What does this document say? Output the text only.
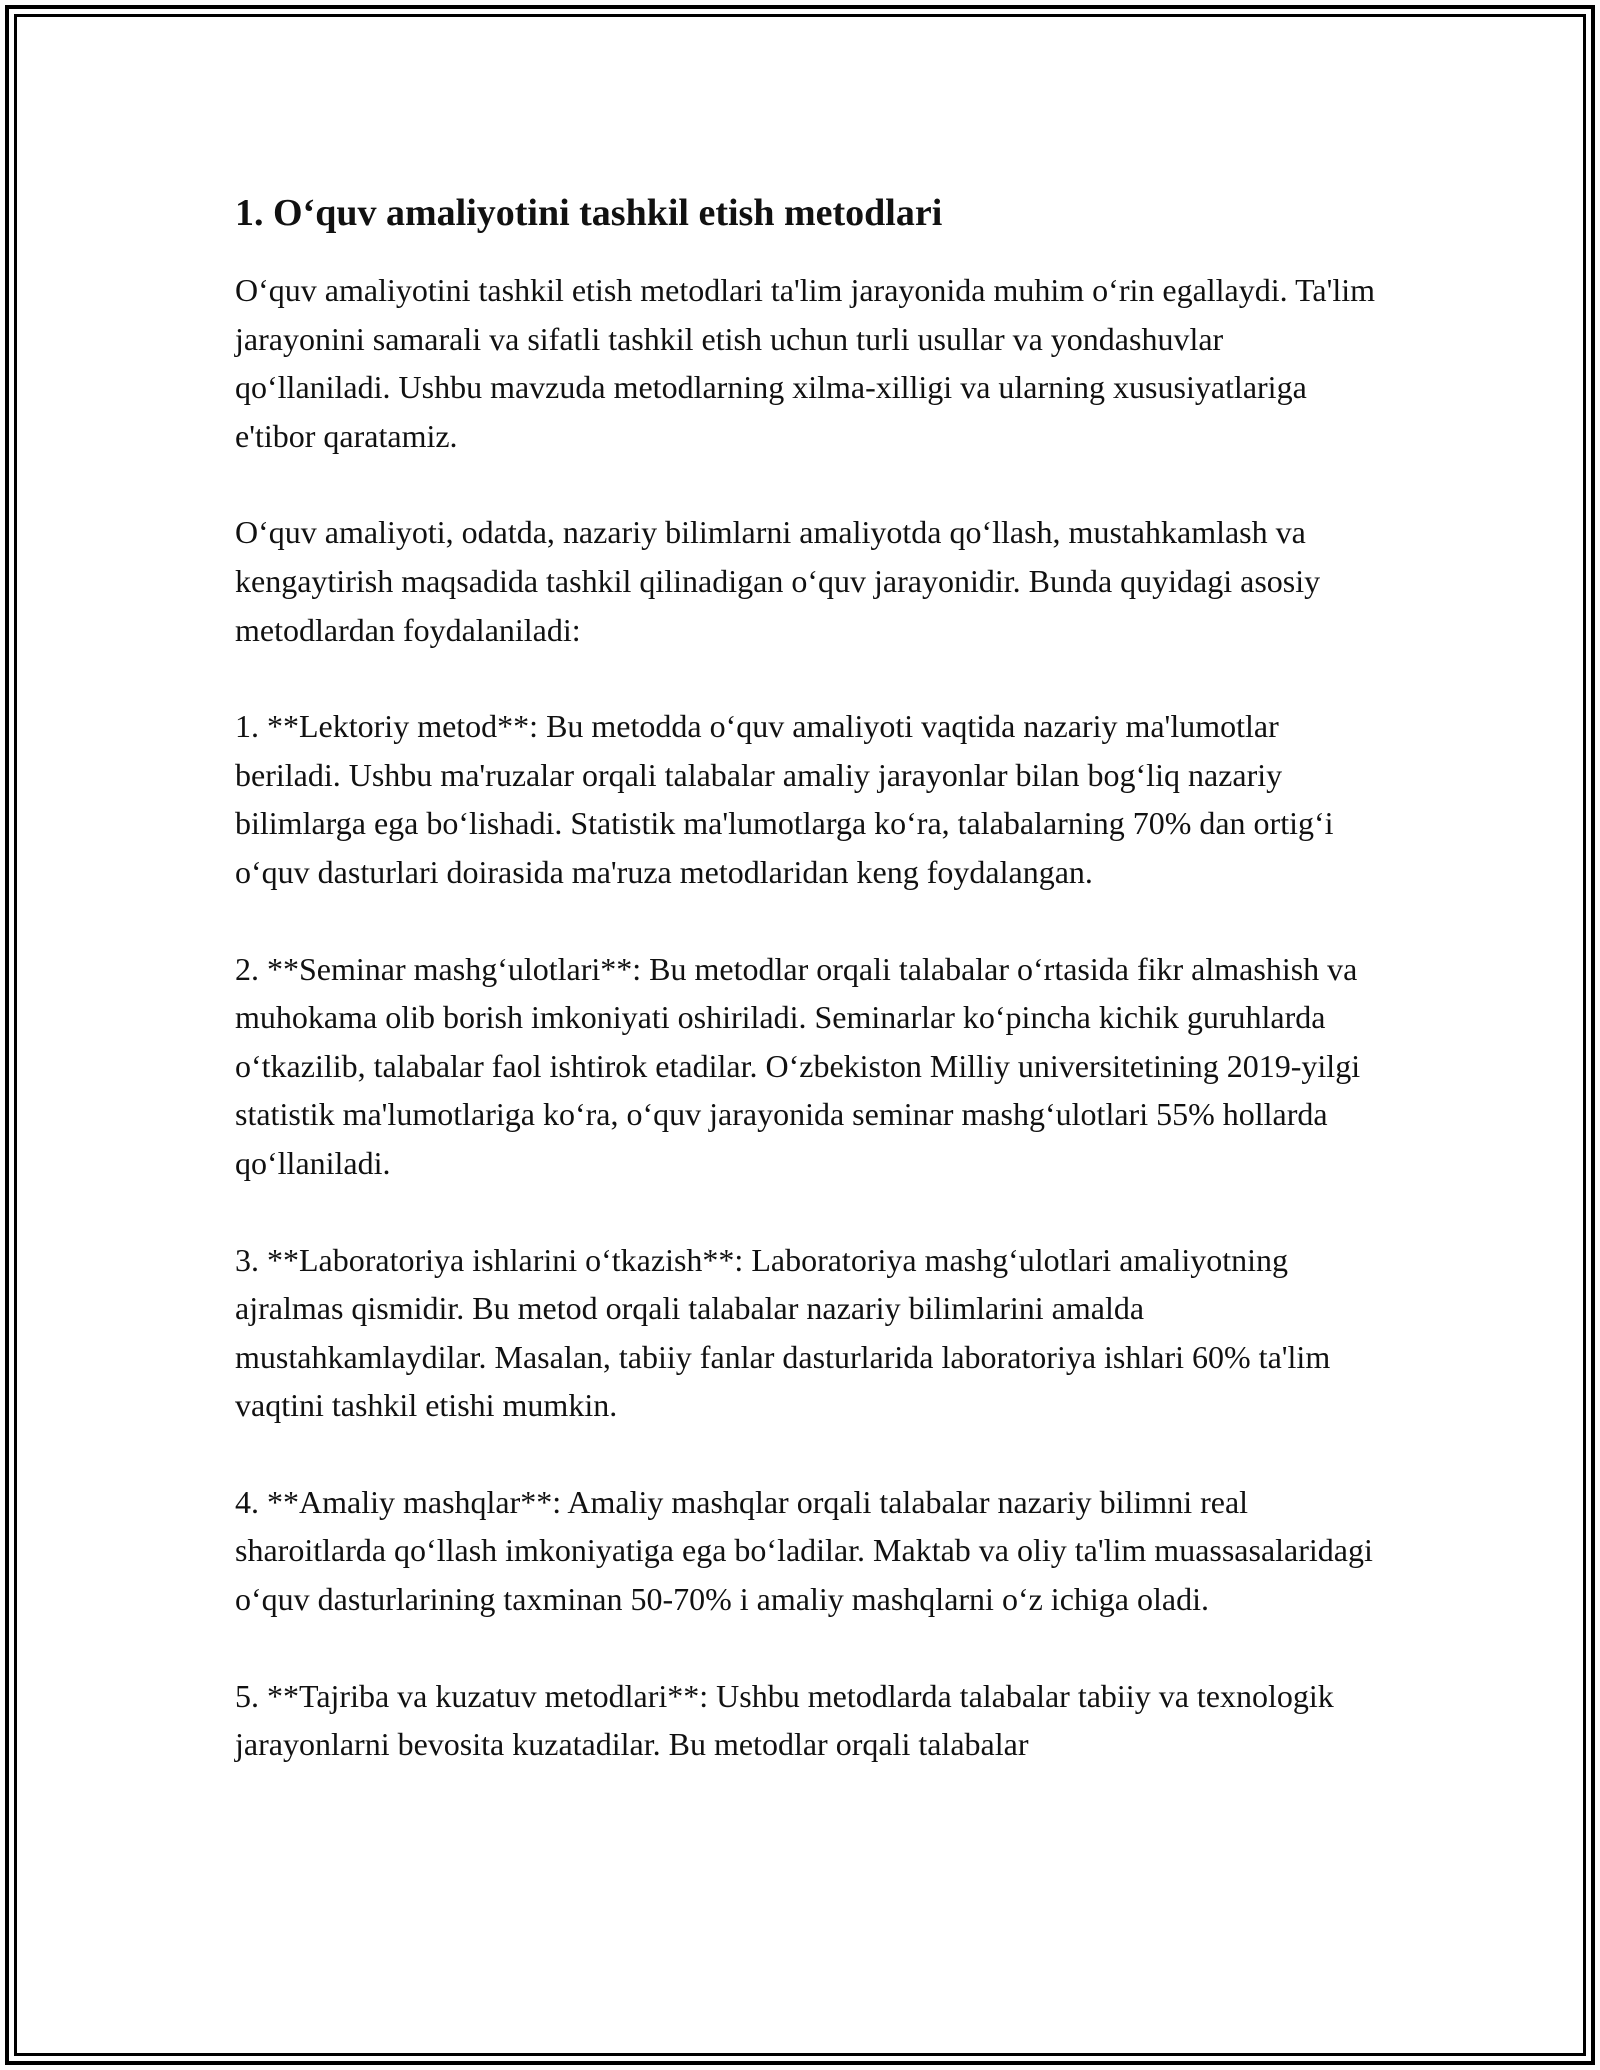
1. O‘quv amaliyotini tashkil etish metodlari

O‘quv amaliyotini tashkil etish metodlari ta'lim jarayonida muhim o‘rin egallaydi. Ta'lim jarayonini samarali va sifatli tashkil etish uchun turli usullar va yondashuvlar qo‘llaniladi. Ushbu mavzuda metodlarning xilma-xilligi va ularning xususiyatlariga e'tibor qaratamiz.

O‘quv amaliyoti, odatda, nazariy bilimlarni amaliyotda qo‘llash, mustahkamlash va kengaytirish maqsadida tashkil qilinadigan o‘quv jarayonidir. Bunda quyidagi asosiy metodlardan foydalaniladi:

1. **Lektoriy metod**: Bu metodda o‘quv amaliyoti vaqtida nazariy ma'lumotlar beriladi. Ushbu ma'ruzalar orqali talabalar amaliy jarayonlar bilan bog‘liq nazariy bilimlarga ega bo‘lishadi. Statistik ma'lumotlarga ko‘ra, talabalarning 70% dan ortig‘i o‘quv dasturlari doirasida ma'ruza metodlaridan keng foydalangan.

2. **Seminar mashg‘ulotlari**: Bu metodlar orqali talabalar o‘rtasida fikr almashish va muhokama olib borish imkoniyati oshiriladi. Seminarlar ko‘pincha kichik guruhlarda o‘tkazilib, talabalar faol ishtirok etadilar. O‘zbekiston Milliy universitetining 2019-yilgi statistik ma'lumotlariga ko‘ra, o‘quv jarayonida seminar mashg‘ulotlari 55% hollarda qo‘llaniladi.

3. **Laboratoriya ishlarini o‘tkazish**: Laboratoriya mashg‘ulotlari amaliyotning ajralmas qismidir. Bu metod orqali talabalar nazariy bilimlarini amalda mustahkamlaydilar. Masalan, tabiiy fanlar dasturlarida laboratoriya ishlari 60% ta'lim vaqtini tashkil etishi mumkin.

4. **Amaliy mashqlar**: Amaliy mashqlar orqali talabalar nazariy bilimni real sharoitlarda qo‘llash imkoniyatiga ega bo‘ladilar. Maktab va oliy ta'lim muassasalaridagi o‘quv dasturlarining taxminan 50-70% i amaliy mashqlarni o‘z ichiga oladi.

5. **Tajriba va kuzatuv metodlari**: Ushbu metodlarda talabalar tabiiy va texnologik jarayonlarni bevosita kuzatadilar. Bu metodlar orqali talabalar
